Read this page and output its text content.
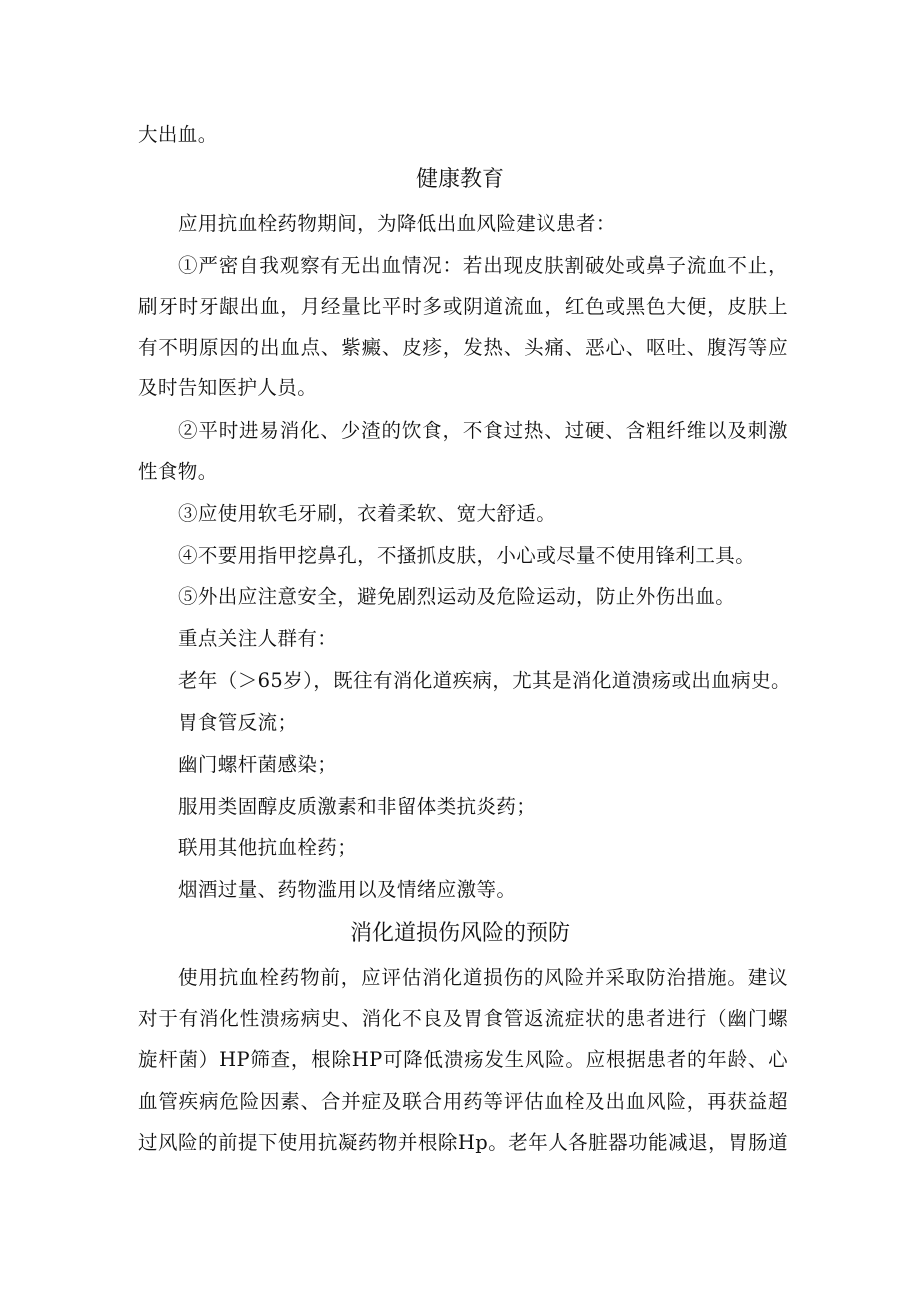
大出血。
健康教育
应用抗血栓药物期间，为降低出血风险建议患者：
①严密自我观察有无出血情况：若出现皮肤割破处或鼻子流血不止，
刷牙时牙龈出血，月经量比平时多或阴道流血，红色或黑色大便，皮肤上
有不明原因的出血点、紫癜、皮疹，发热、头痛、恶心、呕吐、腹泻等应
及时告知医护人员。
②平时进易消化、少渣的饮食，不食过热、过硬、含粗纤维以及刺激
性食物。
③应使用软毛牙刷，衣着柔软、宽大舒适。
④不要用指甲挖鼻孔，不搔抓皮肤，小心或尽量不使用锋利工具。
⑤外出应注意安全，避免剧烈运动及危险运动，防止外伤出血。
重点关注人群有：
老年（＞65岁），既往有消化道疾病，尤其是消化道溃疡或出血病史。
胃食管反流；
幽门螺杆菌感染；
服用类固醇皮质激素和非留体类抗炎药；
联用其他抗血栓药；
烟酒过量、药物滥用以及情绪应激等。
消化道损伤风险的预防
使用抗血栓药物前，应评估消化道损伤的风险并采取防治措施。建议
对于有消化性溃疡病史、消化不良及胃食管返流症状的患者进行（幽门螺
旋杆菌）HP筛查，根除HP可降低溃疡发生风险。应根据患者的年龄、心
血管疾病危险因素、合并症及联合用药等评估血栓及出血风险，再获益超
过风险的前提下使用抗凝药物并根除Hp。老年人各脏器功能减退，胃肠道
